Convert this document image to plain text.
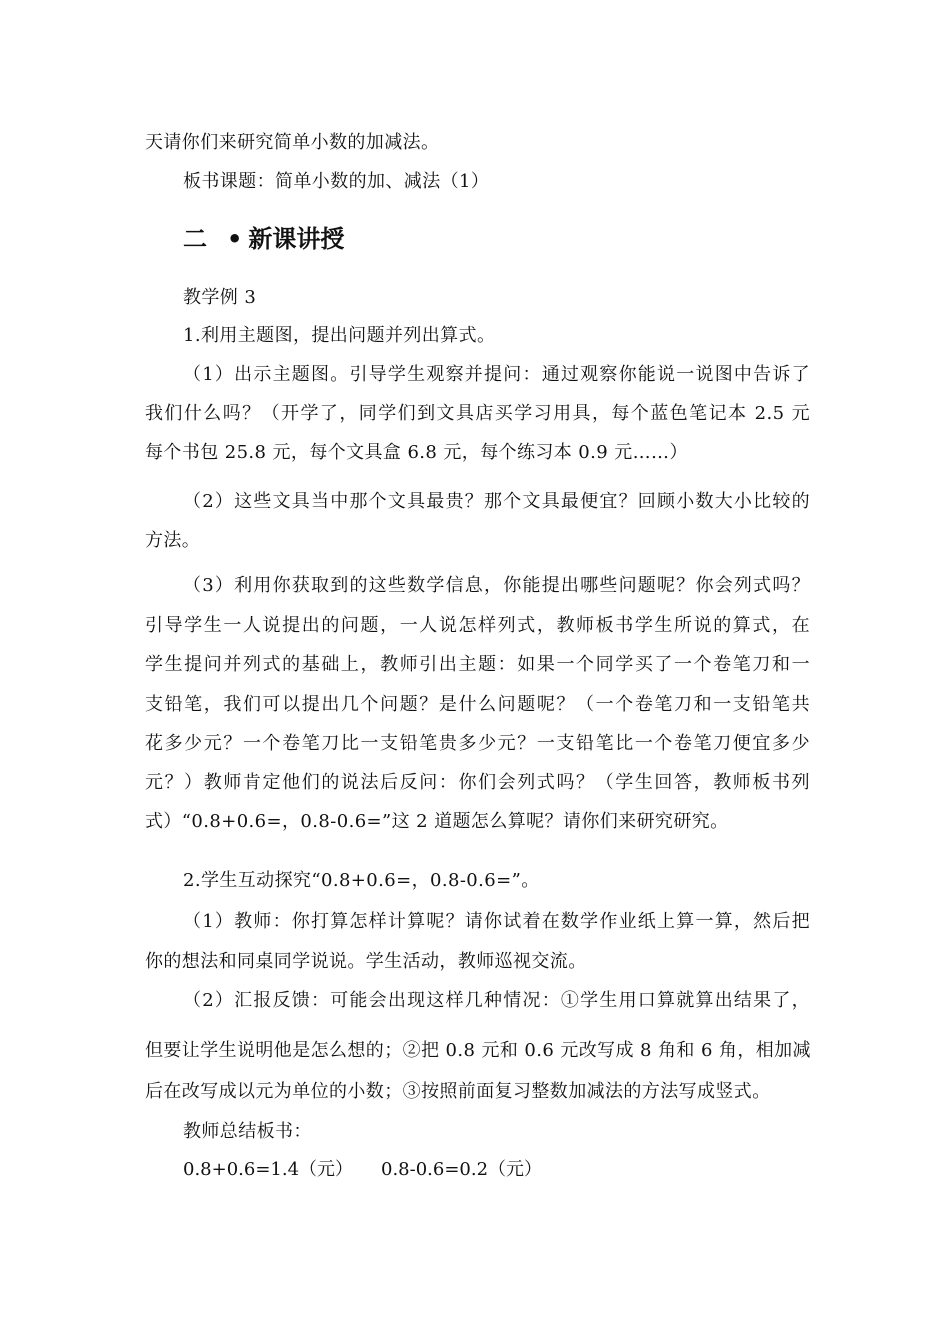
天请你们来研究简单小数的加减法。
板书课题：简单小数的加、减法（1）
二 • 新课讲授
教学例 3
1.利用主题图，提出问题并列出算式。
（1）出示主题图。引导学生观察并提问：通过观察你能说一说图中告诉了
我们什么吗？（开学了，同学们到文具店买学习用具，每个蓝色笔记本 2.5 元
每个书包 25.8 元，每个文具盒 6.8 元，每个练习本 0.9 元……）
（2）这些文具当中那个文具最贵？那个文具最便宜？回顾小数大小比较的
方法。
（3）利用你获取到的这些数学信息，你能提出哪些问题呢？你会列式吗？
引导学生一人说提出的问题，一人说怎样列式，教师板书学生所说的算式，在
学生提问并列式的基础上，教师引出主题：如果一个同学买了一个卷笔刀和一
支铅笔，我们可以提出几个问题？是什么问题呢？（一个卷笔刀和一支铅笔共
花多少元？一个卷笔刀比一支铅笔贵多少元？一支铅笔比一个卷笔刀便宜多少
元？）教师肯定他们的说法后反问：你们会列式吗？（学生回答，教师板书列
式）“0.8+0.6=，0.8-0.6=”这 2 道题怎么算呢？请你们来研究研究。
2.学生互动探究“0.8+0.6=，0.8-0.6=”。
（1）教师：你打算怎样计算呢？请你试着在数学作业纸上算一算，然后把
你的想法和同桌同学说说。学生活动，教师巡视交流。
（2）汇报反馈：可能会出现这样几种情况：①学生用口算就算出结果了，
但要让学生说明他是怎么想的；②把 0.8 元和 0.6 元改写成 8 角和 6 角，相加减
后在改写成以元为单位的小数；③按照前面复习整数加减法的方法写成竖式。
教师总结板书：
0.8+0.6=1.4（元） 0.8-0.6=0.2（元）
